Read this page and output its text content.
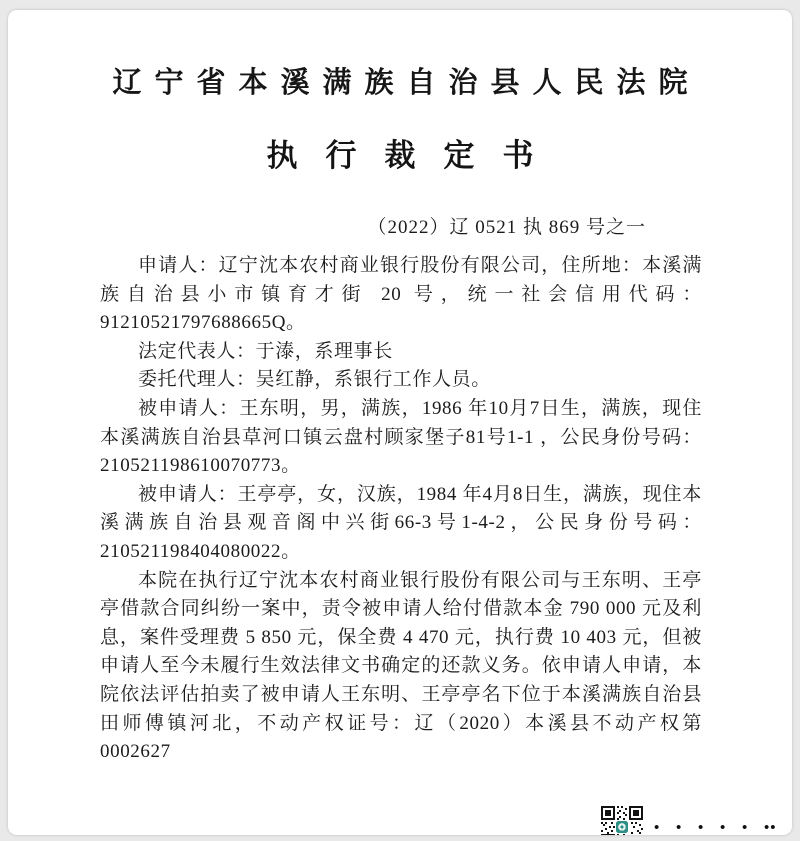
辽宁省本溪满族自治县人民法院
执行裁定书
（2022）辽 0521 执 869 号之一

申请人：辽宁沈本农村商业银行股份有限公司，住所地：本溪满族自治县小市镇育才街 20 号，统一社会信用代码：91210521797688665Q。

法定代表人：于溙，系理事长

委托代理人：吴红静，系银行工作人员。

被申请人：王东明，男，满族，1986 年10月7日生，满族，现住本溪满族自治县草河口镇云盘村顾家堡子81号1-1 ，公民身份号码：210521198610070773。

被申请人：王亭亭，女，汉族，1984 年4月8日生，满族，现住本溪满族自治县观音阁中兴街66-3号1-4-2，公民身份号码：210521198404080022。

本院在执行辽宁沈本农村商业银行股份有限公司与王东明、王亭亭借款合同纠纷一案中，责令被申请人给付借款本金 790 000 元及利息，案件受理费 5 850 元，保全费 4 470 元，执行费 10 403 元，但被申请人至今未履行生效法律文书确定的还款义务。依申请人申请，本院依法评估拍卖了被申请人王东明、王亭亭名下位于本溪满族自治县田师傅镇河北，不动产权证号：辽（2020）本溪县不动产权第 0002627

• • • • • ••
